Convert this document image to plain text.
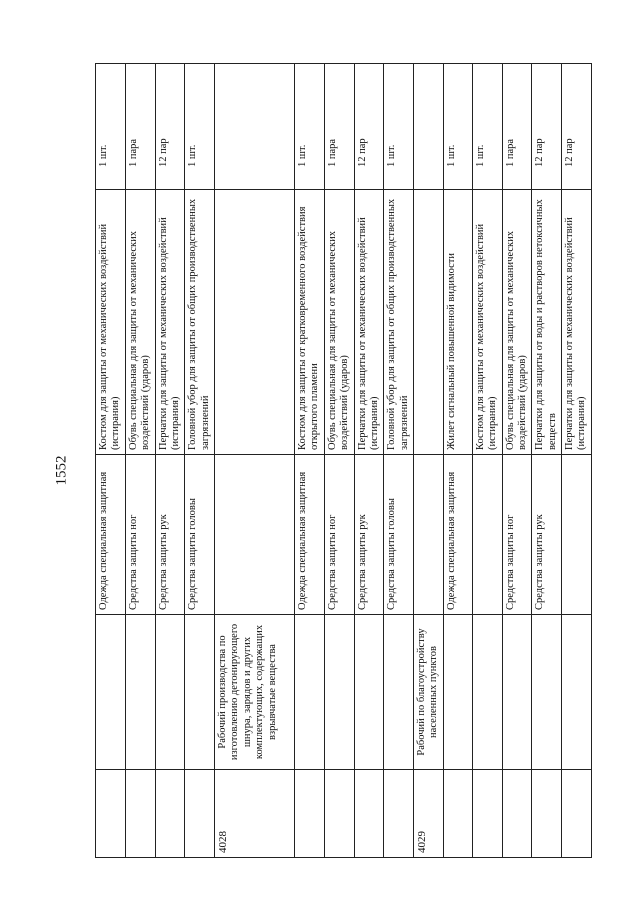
1552
		Одежда специальная защитная	Костюм для защиты от механических воздействий (истирания)	1 шт.
		Средства защиты ног	Обувь специальная для защиты от механических воздействий (ударов)	1 пара
		Средства защиты рук	Перчатки для защиты от механических воздействий (истирания)	12 пар
		Средства защиты головы	Головной убор для защиты от общих производственных загрязнений	1 шт.
4028	Рабочий производства по изготовлению детонирующего шнура, зарядов и других комплектующих, содержащих взрывчатые вещества			
		Одежда специальная защитная	Костюм для защиты от кратковременного воздействия открытого пламени	1 шт.
		Средства защиты ног	Обувь специальная для защиты от механических воздействий (ударов)	1 пара
		Средства защиты рук	Перчатки для защиты от механических воздействий (истирания)	12 пар
		Средства защиты головы	Головной убор для защиты от общих производственных загрязнений	1 шт.
4029	Рабочий по благоустройству населенных пунктов			
		Одежда специальная защитная	Жилет сигнальный повышенной видимости	1 шт.
			Костюм для защиты от механических воздействий (истирания)	1 шт.
		Средства защиты ног	Обувь специальная для защиты от механических воздействий (ударов)	1 пара
		Средства защиты рук	Перчатки для защиты от воды и растворов нетоксичных веществ	12 пар
			Перчатки для защиты от механических воздействий (истирания)	12 пар
